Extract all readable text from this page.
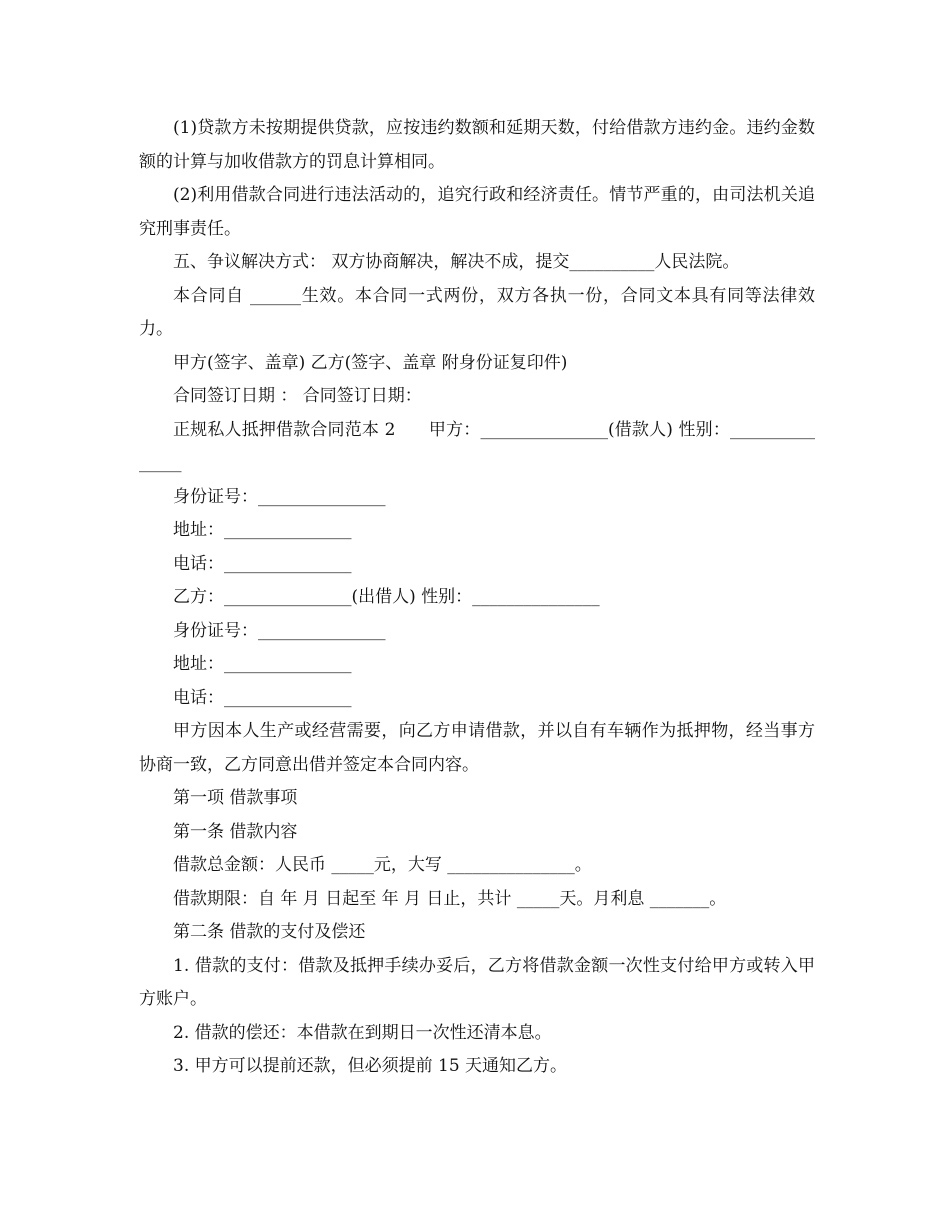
(1)贷款方未按期提供贷款，应按违约数额和延期天数，付给借款方违约金。违约金数额的计算与加收借款方的罚息计算相同。

(2)利用借款合同进行违法活动的，追究行政和经济责任。情节严重的，由司法机关追究刑事责任。

五、争议解决方式： 双方协商解决，解决不成，提交__________人民法院。

本合同自 ______生效。本合同一式两份，双方各执一份，合同文本具有同等法律效力。

甲方(签字、盖章) 乙方(签字、盖章 附身份证复印件)

合同签订日期 ： 合同签订日期：

正规私人抵押借款合同范本 2      甲方：_______________(借款人) 性别：_______________

身份证号：_______________

地址：_______________

电话：_______________

乙方：_______________(出借人) 性别：_______________

身份证号：_______________

地址：_______________

电话：_______________

甲方因本人生产或经营需要，向乙方申请借款，并以自有车辆作为抵押物，经当事方协商一致，乙方同意出借并签定本合同内容。

第一项 借款事项

第一条 借款内容

借款总金额：人民币 _____元，大写 _______________。

借款期限：自 年 月 日起至 年 月 日止，共计 _____天。月利息 _______。

第二条 借款的支付及偿还

1. 借款的支付：借款及抵押手续办妥后，乙方将借款金额一次性支付给甲方或转入甲方账户。

2. 借款的偿还：本借款在到期日一次性还清本息。

3. 甲方可以提前还款，但必须提前 15 天通知乙方。
